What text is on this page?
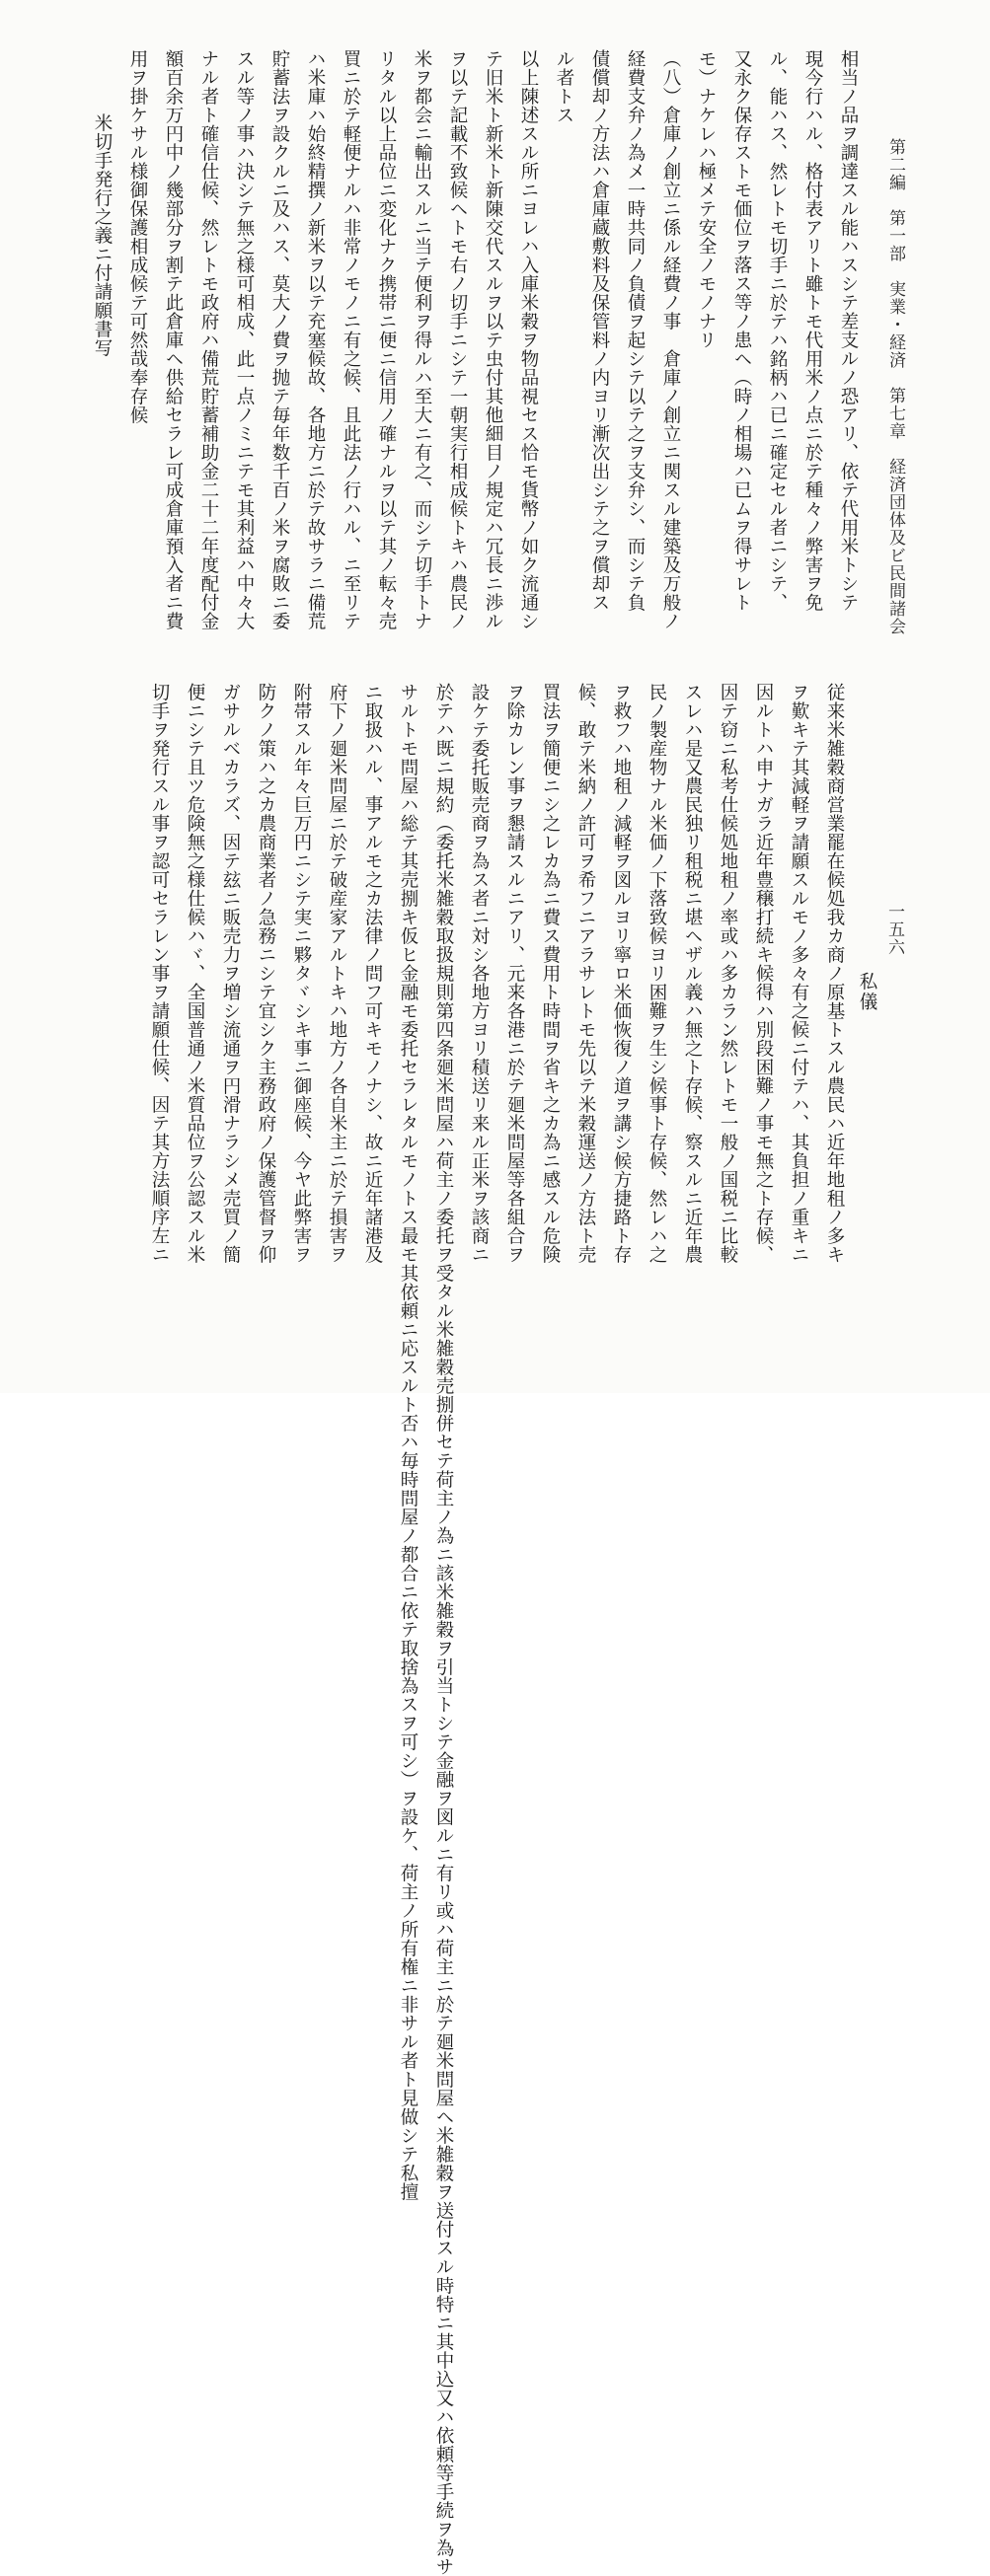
第二編　第一部　実業・経済　第七章　経済団体及ビ民間諸会
一五六
相当ノ品ヲ調達スル能ハスシテ差支ルノ恐アリ、依テ代用米トシテ
現今行ハル、格付表アリト雖トモ代用米ノ点ニ於テ種々ノ弊害ヲ免
ル、能ハス、然レトモ切手ニ於テハ銘柄ハ已ニ確定セル者ニシテ、
又永ク保存ストモ価位ヲ落ス等ノ患ヘ（時ノ相場ハ已ムヲ得サレト
モ）ナケレハ極メテ安全ノモノナリ
（八）倉庫ノ創立ニ係ル経費ノ事　倉庫ノ創立ニ関スル建築及万般ノ
経費支弁ノ為メ一時共同ノ負債ヲ起シテ以テ之ヲ支弁シ、而シテ負
債償却ノ方法ハ倉庫蔵敷料及保管料ノ内ヨリ漸次出シテ之ヲ償却ス
ル者トス
以上陳述スル所ニヨレハ入庫米穀ヲ物品視セス恰モ貨幣ノ如ク流通シ
テ旧米ト新米ト新陳交代スルヲ以テ虫付其他細目ノ規定ハ冗長ニ渉ル
ヲ以テ記載不致候ヘトモ右ノ切手ニシテ一朝実行相成候トキハ農民ノ
米ヲ都会ニ輸出スルニ当テ便利ヲ得ルハ至大ニ有之、而シテ切手トナ
リタル以上品位ニ変化ナク携帯ニ便ニ信用ノ確ナルヲ以テ其ノ転々売
買ニ於テ軽便ナルハ非常ノモノニ有之候、且此法ノ行ハル、ニ至リテ
ハ米庫ハ始終精撰ノ新米ヲ以テ充塞候故、各地方ニ於テ故サラニ備荒
貯蓄法ヲ設クルニ及ハス、莫大ノ費ヲ抛テ毎年数千百ノ米ヲ腐敗ニ委
スル等ノ事ハ決シテ無之様可相成、此一点ノミニテモ其利益ハ中々大
ナル者ト確信仕候、然レトモ政府ハ備荒貯蓄補助金二十二年度配付金
額百余万円中ノ幾部分ヲ割テ此倉庫ヘ供給セラレ可成倉庫預入者ニ費
用ヲ掛ケサル様御保護相成候テ可然哉奉存候
米切手発行之義ニ付請願書写
私儀
従来米雑穀商営業罷在候処我カ商ノ原基トスル農民ハ近年地租ノ多キ
ヲ歎キテ其減軽ヲ請願スルモノ多々有之候ニ付テハ、其負担ノ重キニ
因ルトハ申ナガラ近年豊穣打続キ候得ハ別段困難ノ事モ無之ト存候、
因テ窃ニ私考仕候処地租ノ率或ハ多カラン然レトモ一般ノ国税ニ比較
スレハ是又農民独リ租税ニ堪ヘザル義ハ無之ト存候、察スルニ近年農
民ノ製産物ナル米価ノ下落致候ヨリ困難ヲ生シ候事ト存候、然レハ之
ヲ救フハ地租ノ減軽ヲ図ルヨリ寧ロ米価恢復ノ道ヲ講シ候方捷路ト存
候、敢テ米納ノ許可ヲ希フニアラサレトモ先以テ米穀運送ノ方法ト売
買法ヲ簡便ニシ之レカ為ニ費ス費用ト時間ヲ省キ之カ為ニ感スル危険
ヲ除カレン事ヲ懇請スルニアリ、元来各港ニ於テ廻米問屋等各組合ヲ
設ケテ委托販売商ヲ為ス者ニ対シ各地方ヨリ積送リ来ル正米ヲ該商ニ
於テハ既ニ規約（委托米雑穀取扱規則第四条廻米問屋ハ荷主ノ委托ヲ受タル米雑穀売捌併セテ荷主ノ為ニ該米雑穀ヲ引当トシテ金融ヲ図ルニ有リ或ハ荷主ニ於テ廻米問屋ヘ米雑穀ヲ送付スル時特ニ其中込又ハ依頼等手続ヲ為サ
サルトモ問屋ハ総テ其売捌キ仮ヒ金融モ委托セラレタルモノトス最モ其依頼ニ応スルト否ハ毎時問屋ノ都合ニ依テ取捨為スヲ可シ）ヲ設ケ、荷主ノ所有権ニ非サル者ト見做シテ私擅
ニ取扱ハル、事アルモ之カ法律ノ問フ可キモノナシ、故ニ近年諸港及
府下ノ廻米問屋ニ於テ破産家アルトキハ地方ノ各自米主ニ於テ損害ヲ
附帯スル年々巨万円ニシテ実ニ夥タヾシキ事ニ御座候、今ヤ此弊害ヲ
防クノ策ハ之カ農商業者ノ急務ニシテ宜シク主務政府ノ保護管督ヲ仰
ガサルベカラズ、因テ玆ニ販売力ヲ増シ流通ヲ円滑ナラシメ売買ノ簡
便ニシテ且ツ危険無之様仕候ハヾ、全国普通ノ米質品位ヲ公認スル米
切手ヲ発行スル事ヲ認可セラレン事ヲ請願仕候、因テ其方法順序左ニ
